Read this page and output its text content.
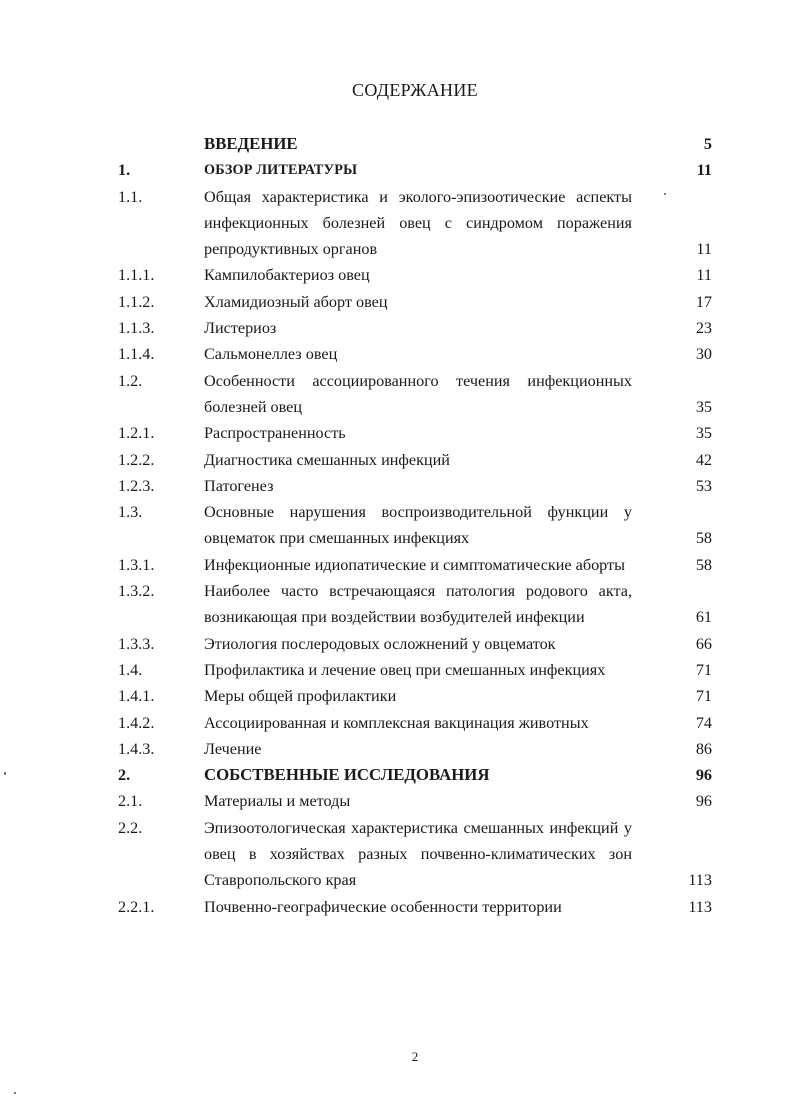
СОДЕРЖАНИЕ
ВВЕДЕНИЕ	5
1.	ОБЗОР ЛИТЕРАТУРЫ	11
1.1.	Общая характеристика и эколого-эпизоотические аспекты инфекционных болезней овец с синдромом поражения репродуктивных органов	11
1.1.1.	Кампилобактериоз овец	11
1.1.2.	Хламидиозный аборт овец	17
1.1.3.	Листериоз	23
1.1.4.	Сальмонеллез овец	30
1.2.	Особенности ассоциированного течения инфекционных болезней овец	35
1.2.1.	Распространенность	35
1.2.2.	Диагностика смешанных инфекций	42
1.2.3.	Патогенез	53
1.3.	Основные нарушения воспроизводительной функции у овцематок при смешанных инфекциях	58
1.3.1.	Инфекционные идиопатические и симптоматические аборты	58
1.3.2.	Наиболее часто встречающаяся патология родового акта, возникающая при воздействии возбудителей инфекции	61
1.3.3.	Этиология послеродовых осложнений у овцематок	66
1.4.	Профилактика и лечение овец при смешанных инфекциях	71
1.4.1.	Меры общей профилактики	71
1.4.2.	Ассоциированная и комплексная вакцинация животных	74
1.4.3.	Лечение	86
2.	СОБСТВЕННЫЕ ИССЛЕДОВАНИЯ	96
2.1.	Материалы и методы	96
2.2.	Эпизоотологическая характеристика смешанных инфекций у овец в хозяйствах разных почвенно-климатических зон Ставропольского края	113
2.2.1.	Почвенно-географические особенности территории	113
2
